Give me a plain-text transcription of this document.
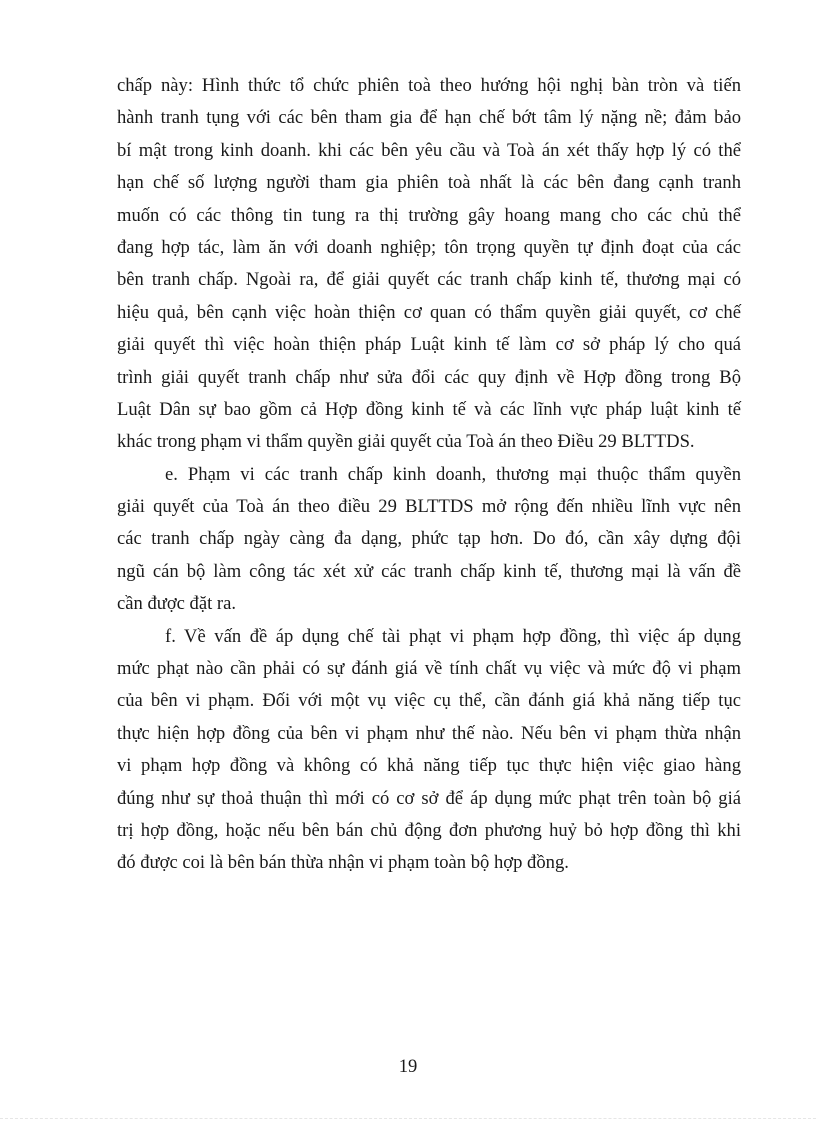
chấp này: Hình thức tổ chức phiên toà theo hướng hội nghị bàn tròn và tiến
hành tranh tụng với các bên tham gia để hạn chế bớt tâm lý nặng nề; đảm bảo
bí mật trong kinh doanh. khi các bên yêu cầu và Toà án xét thấy hợp lý có thể
hạn chế số lượng người tham gia phiên toà nhất là các bên đang cạnh tranh
muốn có các thông tin tung ra thị trường gây hoang mang cho các chủ thể
đang hợp tác, làm ăn với doanh nghiệp; tôn trọng quyền tự định đoạt của các
bên tranh chấp. Ngoài ra, để giải quyết các tranh chấp kinh tế, thương mại có
hiệu quả, bên cạnh việc hoàn thiện cơ quan có thẩm quyền giải quyết, cơ chế
giải quyết thì việc hoàn thiện pháp Luật kinh tế làm cơ sở pháp lý cho quá
trình giải quyết tranh chấp như sửa đổi các quy định về Hợp đồng trong Bộ
Luật Dân sự bao gồm cả Hợp đồng kinh tế và các lĩnh vực pháp luật kinh tế
khác trong phạm vi thẩm quyền giải quyết của Toà án theo Điều 29 BLTTDS.

e. Phạm vi các tranh chấp kinh doanh, thương mại thuộc thẩm quyền
giải quyết của Toà án theo điều 29 BLTTDS mở rộng đến nhiều lĩnh vực nên
các tranh chấp ngày càng đa dạng, phức tạp hơn. Do đó, cần xây dựng đội
ngũ cán bộ làm công tác xét xử các tranh chấp kinh tế, thương mại là vấn đề
cần được đặt ra.

f. Về vấn đề áp dụng chế tài phạt vi phạm hợp đồng, thì việc áp dụng
mức phạt nào cần phải có sự đánh giá về tính chất vụ việc và mức độ vi phạm
của bên vi phạm. Đối với một vụ việc cụ thể, cần đánh giá khả năng tiếp tục
thực hiện hợp đồng của bên vi phạm như thế nào. Nếu bên vi phạm thừa nhận
vi phạm hợp đồng và không có khả năng tiếp tục thực hiện việc giao hàng
đúng như sự thoả thuận thì mới có cơ sở để áp dụng mức phạt trên toàn bộ giá
trị hợp đồng, hoặc nếu bên bán chủ động đơn phương huỷ bỏ hợp đồng thì khi
đó được coi là bên bán thừa nhận vi phạm toàn bộ hợp đồng.

19
